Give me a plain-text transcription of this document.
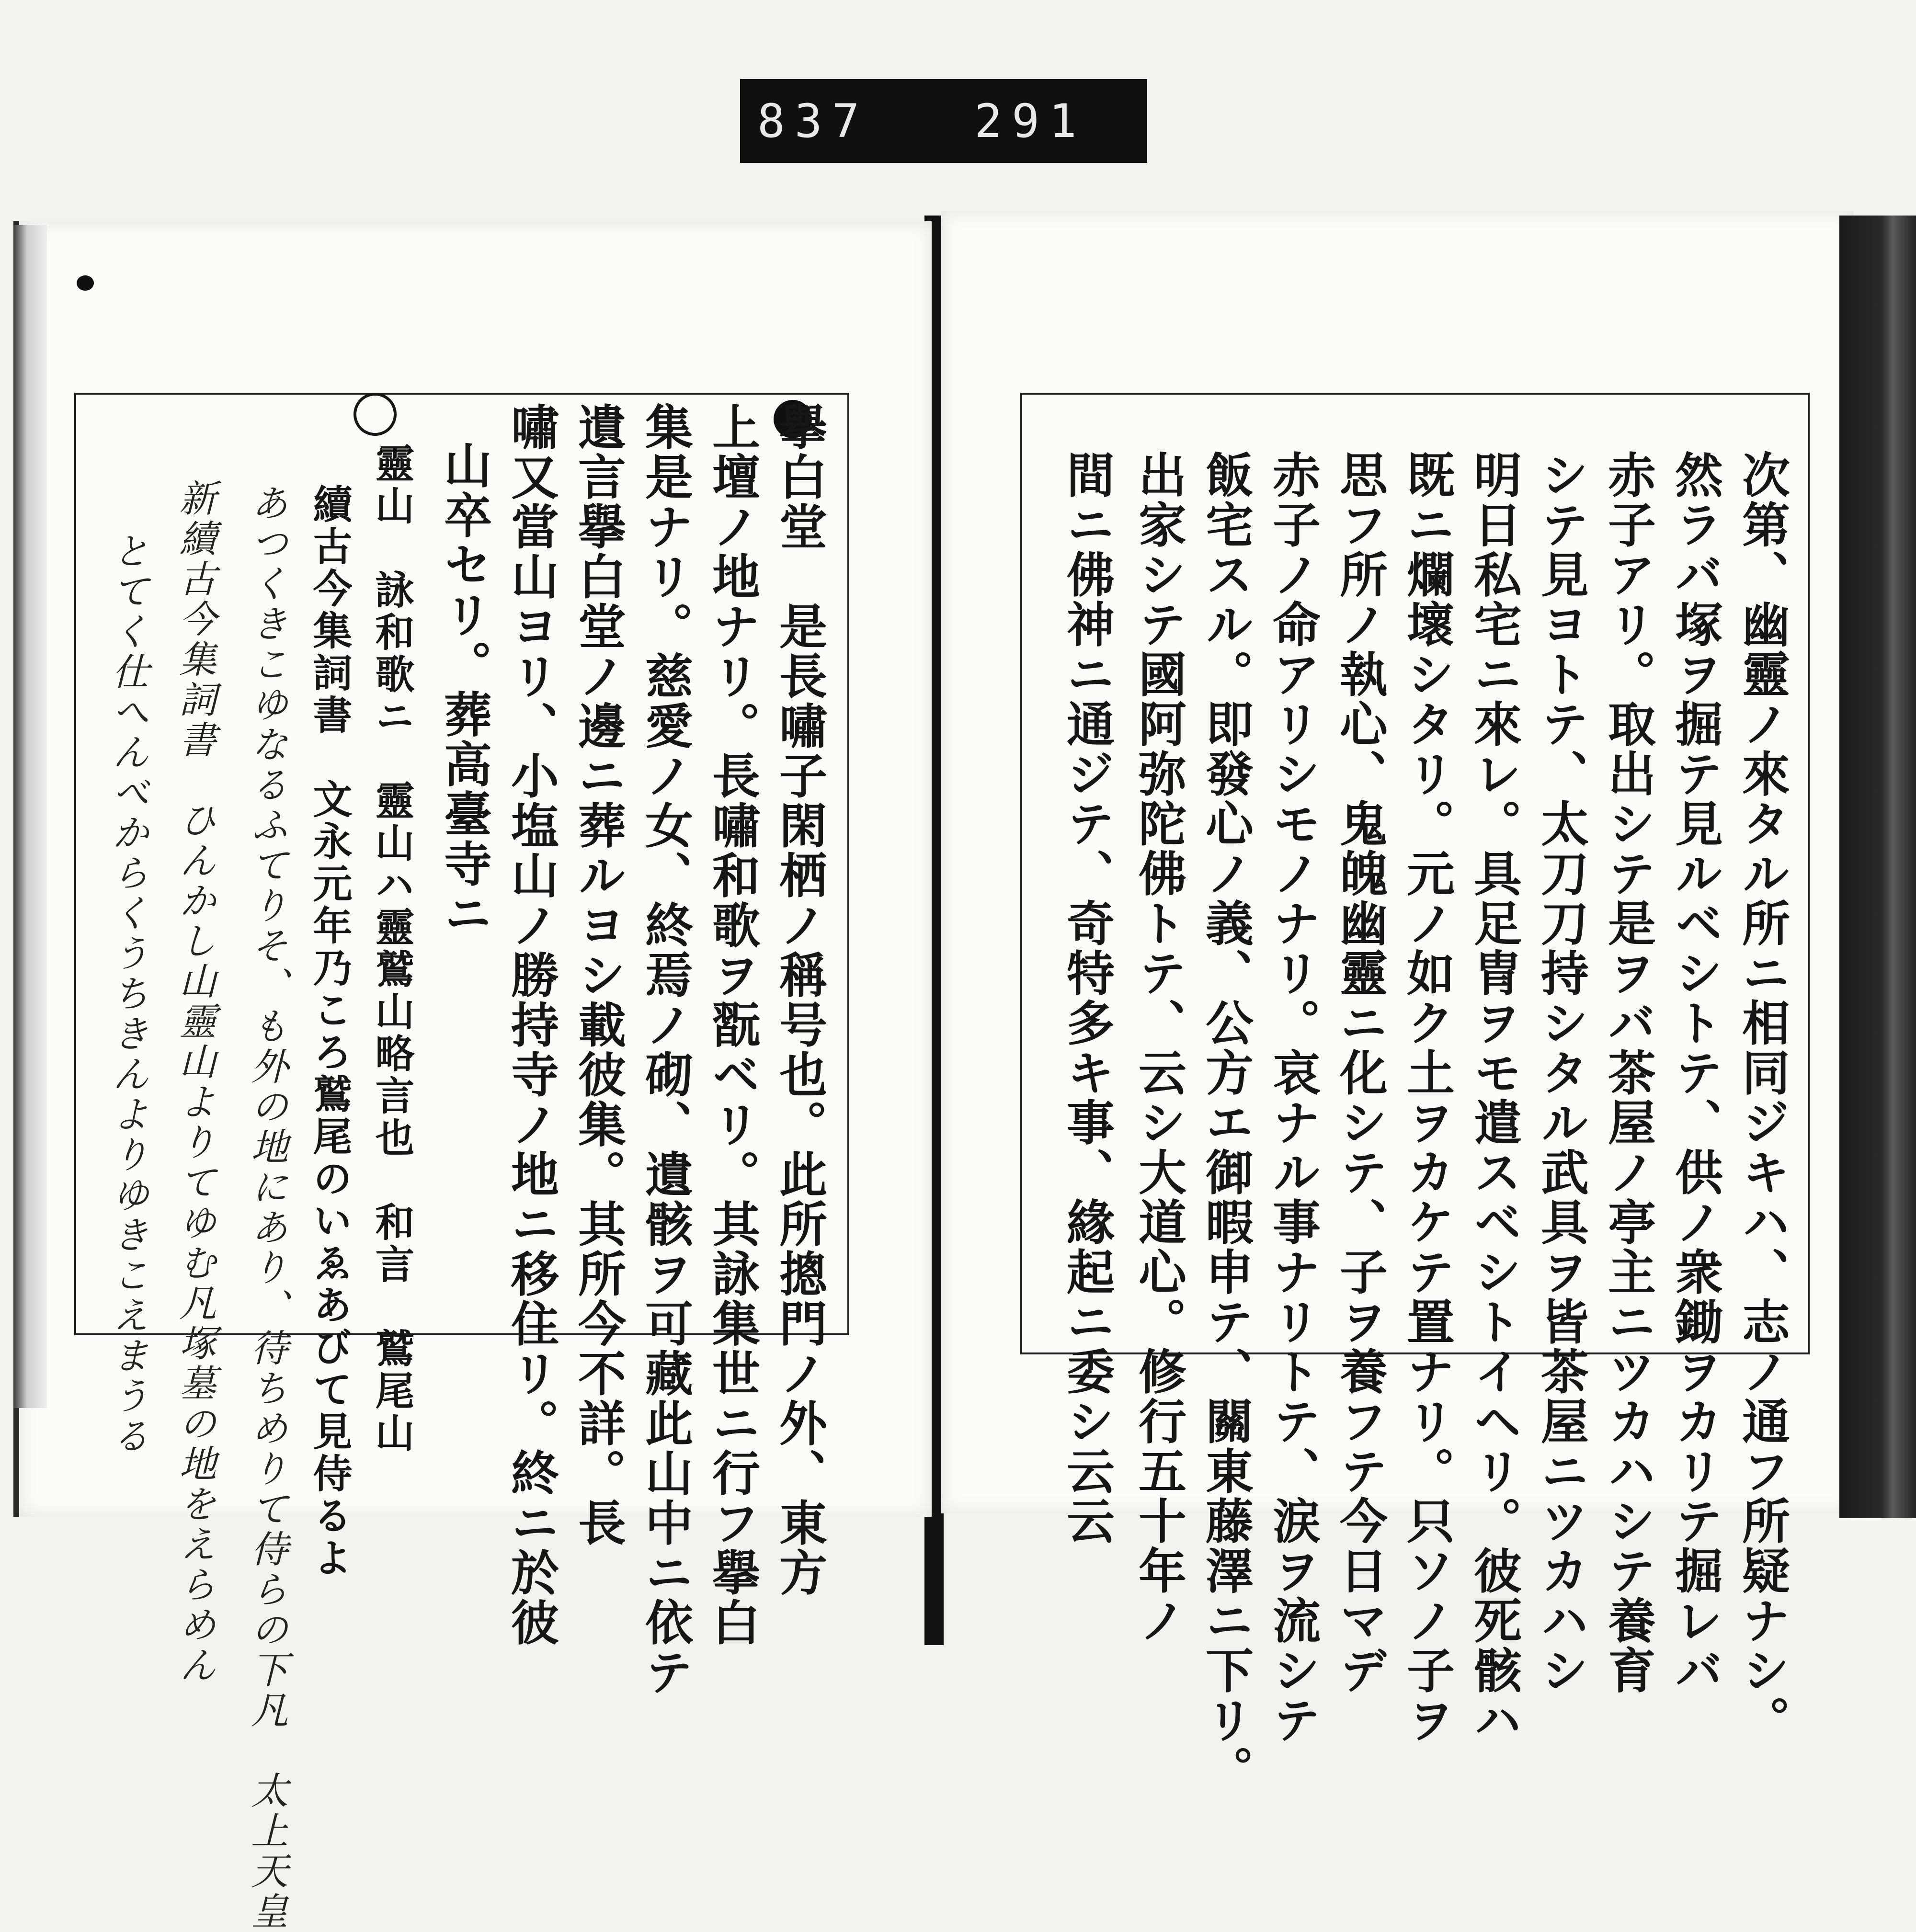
837 291
擧白堂　是長嘯子閑栖ノ稱号也。此所摠門ノ外、東方
上壇ノ地ナリ。長嘯和歌ヲ翫ベリ。其詠集世ニ行フ擧白
集是ナリ。慈愛ノ女、終焉ノ砌、遺骸ヲ可藏此山中ニ依テ
遺言擧白堂ノ邊ニ葬ルヨシ載彼集。其所今不詳。長
嘯又當山ヨリ、小塩山ノ勝持寺ノ地ニ移住リ。終ニ於彼
山卒セリ。葬高臺寺ニ
靈山　詠和歌ニ　靈山ハ靈鷲山略言也　和言　鷲尾山
續古今集詞書　文永元年乃ころ鷲尾のいゑあびて見侍るよ
あつくきこゆなるふてりそ、も外の地にあり、待ちめりて侍らの下凡　太上天皇
新續古今集詞書　ひんかし山靈山よりてゆむ凡塚墓の地をえらめん
とてく仕へんべからくうちきんよりゆきこえまうる	次第、幽靈ノ來タル所ニ相同ジキハ、志ノ通フ所疑ナシ。
然ラバ塚ヲ掘テ見ルベシトテ、供ノ衆鋤ヲカリテ掘レバ
赤子アリ。取出シテ是ヲバ茶屋ノ亭主ニツカハシテ養育
シテ見ヨトテ、太刀刀持シタル武具ヲ皆茶屋ニツカハシ
明日私宅ニ來レ。具足冑ヲモ遣スベシトイヘリ。彼死骸ハ
既ニ爛壞シタリ。元ノ如ク土ヲカケテ置ナリ。只ソノ子ヲ
思フ所ノ執心、鬼魄幽靈ニ化シテ、子ヲ養フテ今日マデ
赤子ノ命アリシモノナリ。哀ナル事ナリトテ、涙ヲ流シテ
飯宅スル。即發心ノ義、公方エ御暇申テ、關東藤澤ニ下リ。
出家シテ國阿弥陀佛トテ、云シ大道心。修行五十年ノ
間ニ佛神ニ通ジテ、奇特多キ事、緣起ニ委シ云云
